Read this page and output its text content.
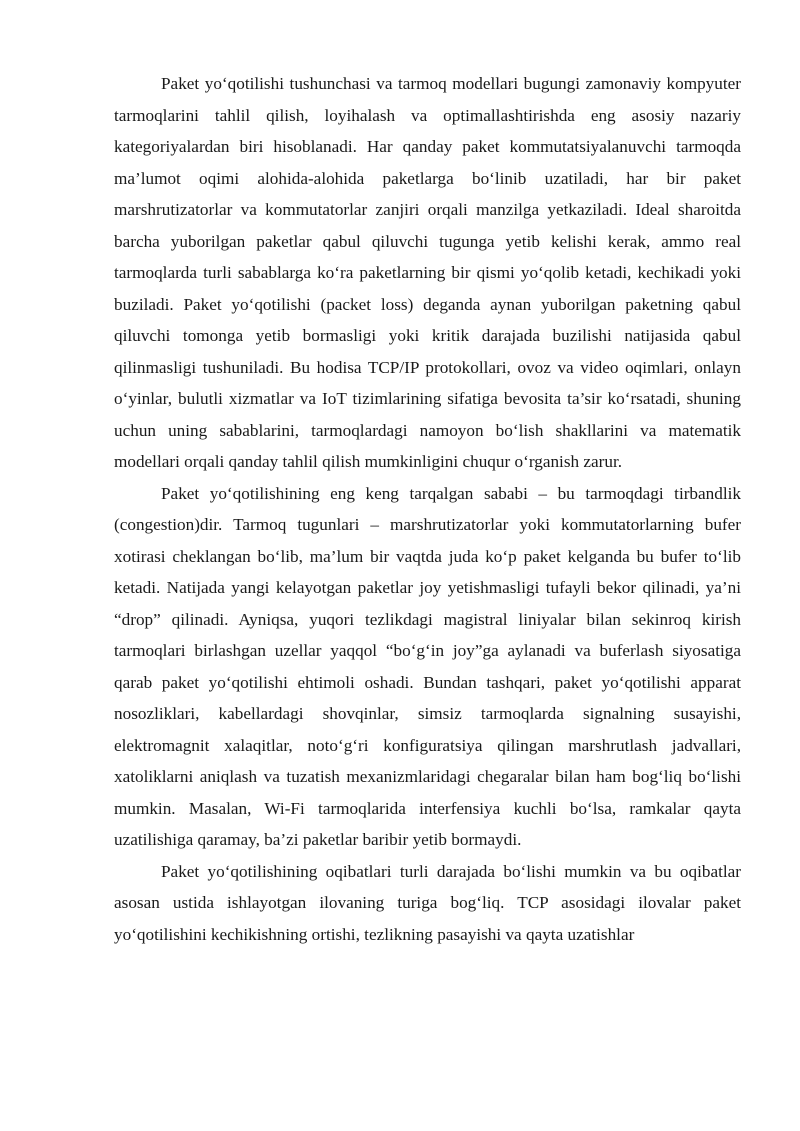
Paket yo‘qotilishi tushunchasi va tarmoq modellari bugungi zamonaviy kompyuter tarmoqlarini tahlil qilish, loyihalash va optimallashtirishda eng asosiy nazariy kategoriyalardan biri hisoblanadi. Har qanday paket kommutatsiyalanuvchi tarmoqda ma’lumot oqimi alohida-alohida paketlarga bo‘linib uzatiladi, har bir paket marshrutizatorlar va kommutatorlar zanjiri orqali manzilga yetkaziladi. Ideal sharoitda barcha yuborilgan paketlar qabul qiluvchi tugunga yetib kelishi kerak, ammo real tarmoqlarda turli sabablarga ko‘ra paketlarning bir qismi yo‘qolib ketadi, kechikadi yoki buziladi. Paket yo‘qotilishi (packet loss) deganda aynan yuborilgan paketning qabul qiluvchi tomonga yetib bormasligi yoki kritik darajada buzilishi natijasida qabul qilinmasligi tushuniladi. Bu hodisa TCP/IP protokollari, ovoz va video oqimlari, onlayn o‘yinlar, bulutli xizmatlar va IoT tizimlarining sifatiga bevosita ta’sir ko‘rsatadi, shuning uchun uning sabablarini, tarmoqlardagi namoyon bo‘lish shakllarini va matematik modellari orqali qanday tahlil qilish mumkinligini chuqur o‘rganish zarur.

Paket yo‘qotilishining eng keng tarqalgan sababi – bu tarmoqdagi tirbandlik (congestion)dir. Tarmoq tugunlari – marshrutizatorlar yoki kommutatorlarning bufer xotirasi cheklangan bo‘lib, ma’lum bir vaqtda juda ko‘p paket kelganda bu bufer to‘lib ketadi. Natijada yangi kelayotgan paketlar joy yetishmasligi tufayli bekor qilinadi, ya’ni “drop” qilinadi. Ayniqsa, yuqori tezlikdagi magistral liniyalar bilan sekinroq kirish tarmoqlari birlashgan uzellar yaqqol “bo‘g‘in joy”ga aylanadi va buferlash siyosatiga qarab paket yo‘qotilishi ehtimoli oshadi. Bundan tashqari, paket yo‘qotilishi apparat nosozliklari, kabellardagi shovqinlar, simsiz tarmoqlarda signalning susayishi, elektromagnit xalaqitlar, noto‘g‘ri konfiguratsiya qilingan marshrutlash jadvallari, xatoliklarni aniqlash va tuzatish mexanizmlaridagi chegaralar bilan ham bog‘liq bo‘lishi mumkin. Masalan, Wi-Fi tarmoqlarida interfensiya kuchli bo‘lsa, ramkalar qayta uzatilishiga qaramay, ba’zi paketlar baribir yetib bormaydi.

Paket yo‘qotilishining oqibatlari turli darajada bo‘lishi mumkin va bu oqibatlar asosan ustida ishlayotgan ilovaning turiga bog‘liq. TCP asosidagi ilovalar paket yo‘qotilishini kechikishning ortishi, tezlikning pasayishi va qayta uzatishlar
